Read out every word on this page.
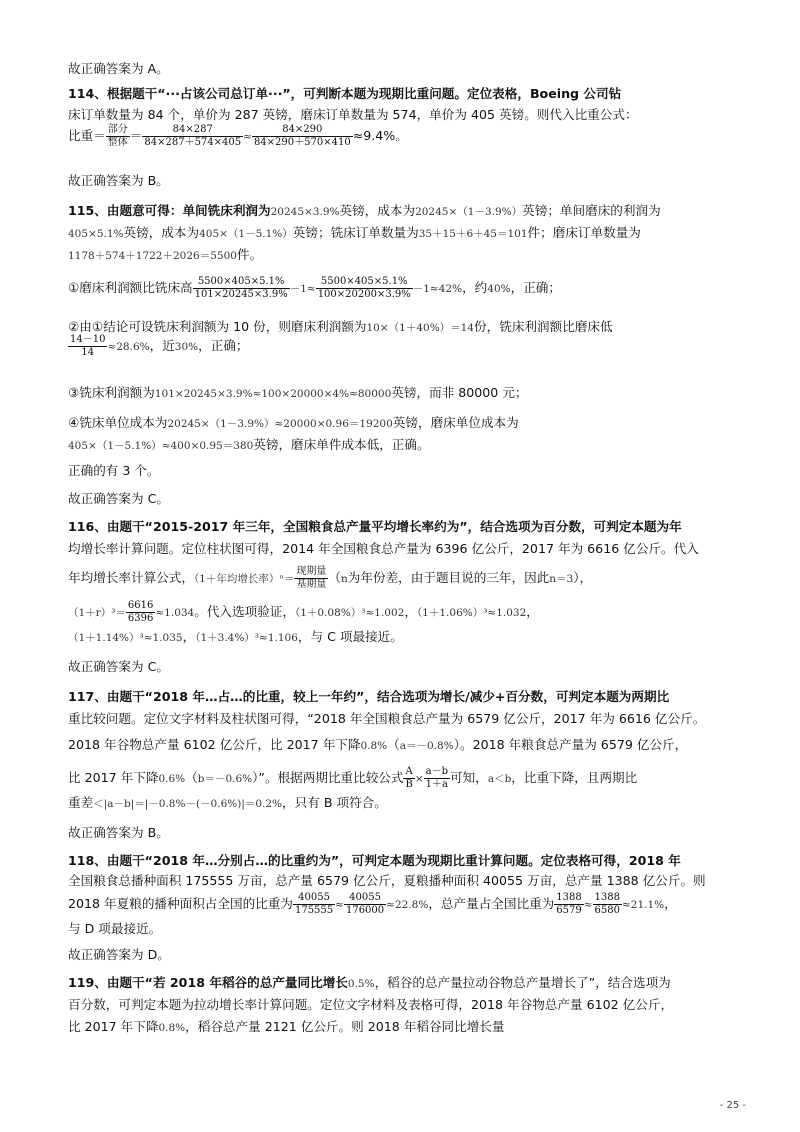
故正确答案为 A。
114、根据题干“···占该公司总订单···”，可判断本题为现期比重问题。定位表格，Boeing 公司钻
床订单数量为 84 个，单价为 287 英镑，磨床订单数量为 574，单价为 405 英镑。则代入比重公式：
比重＝ $\frac{\text{部分}}{\text{整体}} = \frac{84\times 287}{84\times 287+574\times 405} \approx \frac{84\times 290}{84\times 290+570\times 410} \approx 9.4\%$。
故正确答案为 B。
115、由题意可得：单间铣床利润为20245×3.9%英镑，成本为20245×（1－3.9%）英镑；单间磨床的利润为
405×5.1%英镑，成本为405×（1－5.1%）英镑；铣床订单数量为35＋15＋6＋45＝101件；磨床订单数量为
1178＋574＋1722＋2026＝5500件。
①磨床利润额比铣床高 $\frac{5500\times 405\times 5.1\%}{101\times 20245\times 3.9\%} -1\approx \frac{5500\times 405\times 5.1\%}{100\times 20200\times 3.9\%} -1\approx 42\%$，约40%，正确；
②由①结论可设铣床利润额为 10 份，则磨床利润额为10×（1＋40%）＝14份，铣床利润额比磨床低
$\frac{14-10}{14} \approx 28.6\%$，近30%，正确；
③铣床利润额为101×20245×3.9%≈100×20000×4%≈80000英镑，而非 80000 元；
④铣床单位成本为20245×（1－3.9%）≈20000×0.96＝19200英镑，磨床单位成本为
405×（1－5.1%）≈400×0.95＝380英镑，磨床单件成本低，正确。
正确的有 3 个。
故正确答案为 C。
116、由题干“2015-2017 年三年，全国粮食总产量平均增长率约为”，结合选项为百分数，可判定本题为年
均增长率计算问题。定位柱状图可得，2014 年全国粮食总产量为 6396 亿公斤，2017 年为 6616 亿公斤。代入
年均增长率计算公式，（1＋年均增长率）$^n= \frac{\text{现期量}}{\text{基期量}} (n$为年份差，由于题目说的三年，因此n＝3），
$(1+r)^3= \frac{6616}{6396} \approx 1.034$。代入选项验证，（1＋0.08%）³≈1.002，（1＋1.06%）³≈1.032，
（1＋1.14%）³≈1.035，（1＋3.4%）³≈1.106，与 C 项最接近。
故正确答案为 C。
117、由题干“2018 年…占…的比重，较上一年约”，结合选项为增长/减少+百分数，可判定本题为两期比
重比较问题。定位文字材料及柱状图可得，“2018 年全国粮食总产量为 6579 亿公斤，2017 年为 6616 亿公斤。
2018 年谷物总产量 6102 亿公斤，比 2017 年下降0.8%（a＝－0.8%）。2018 年粮食总产量为 6579 亿公斤，
比 2017 年下降0.6%（b＝－0.6%）”。根据两期比重比较公式 $\frac{A}{B} \times \frac{a-b}{1+a}$ 可知，a＜b，比重下降，且两期比
重差＜|a－b|＝|－0.8%－(－0.6%)|＝0.2%，只有 B 项符合。
故正确答案为 B。
118、由题干“2018 年…分别占…的比重约为”，可判定本题为现期比重计算问题。定位表格可得，2018 年
全国粮食总播种面积 175555 万亩，总产量 6579 亿公斤，夏粮播种面积 40055 万亩，总产量 1388 亿公斤。则
2018 年夏粮的播种面积占全国的比重为 $\frac{40055}{175555} \approx \frac{40055}{176000} \approx 22.8\%$，总产量占全国比重为 $\frac{1388}{6579} \approx \frac{1388}{6580} \approx 21.1\%$，
与 D 项最接近。
故正确答案为 D。
119、由题干“若 2018 年稻谷的总产量同比增长0.5%，稻谷的总产量拉动谷物总产量增长了”，结合选项为
百分数，可判定本题为拉动增长率计算问题。定位文字材料及表格可得，2018 年谷物总产量 6102 亿公斤，
比 2017 年下降0.8%，稻谷总产量 2121 亿公斤。则 2018 年稻谷同比增长量
- 25 -
